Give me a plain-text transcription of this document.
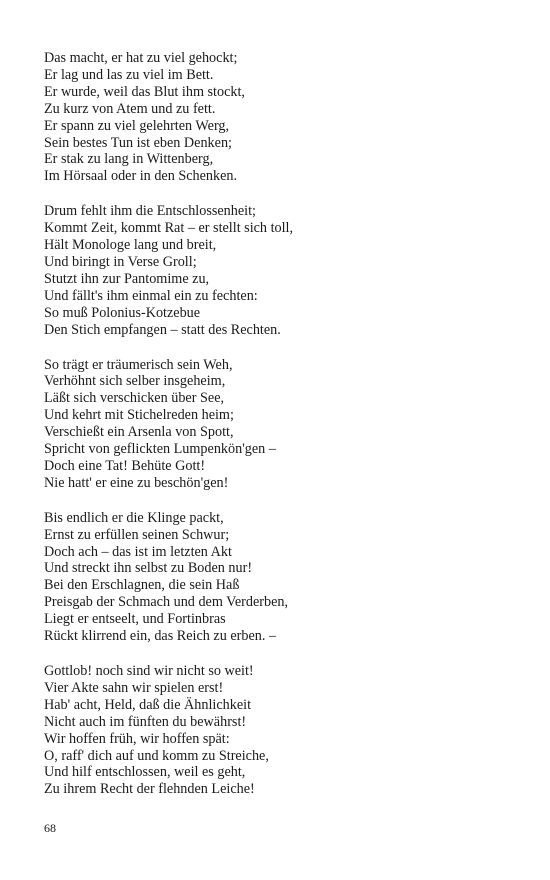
Das macht, er hat zu viel gehockt;
Er lag und las zu viel im Bett.
Er wurde, weil das Blut ihm stockt,
Zu kurz von Atem und zu fett.
Er spann zu viel gelehrten Werg,
Sein bestes Tun ist eben Denken;
Er stak zu lang in Wittenberg,
Im Hörsaal oder in den Schenken.
Drum fehlt ihm die Entschlossenheit;
Kommt Zeit, kommt Rat – er stellt sich toll,
Hält Monologe lang und breit,
Und biringt in Verse Groll;
Stutzt ihn zur Pantomime zu,
Und fällt's ihm einmal ein zu fechten:
So muß Polonius-Kotzebue
Den Stich empfangen – statt des Rechten.
So trägt er träumerisch sein Weh,
Verhöhnt sich selber insgeheim,
Läßt sich verschicken über See,
Und kehrt mit Stichelreden heim;
Verschießt ein Arsenla von Spott,
Spricht von geflickten Lumpenkön'gen –
Doch eine Tat! Behüte Gott!
Nie hatt' er eine zu beschön'gen!
Bis endlich er die Klinge packt,
Ernst zu erfüllen seinen Schwur;
Doch ach – das ist im letzten Akt
Und streckt ihn selbst zu Boden nur!
Bei den Erschlagnen, die sein Haß
Preisgab der Schmach und dem Verderben,
Liegt er entseelt, und Fortinbras
Rückt klirrend ein, das Reich zu erben. –
Gottlob! noch sind wir nicht so weit!
Vier Akte sahn wir spielen erst!
Hab' acht, Held, daß die Ähnlichkeit
Nicht auch im fünften du bewährst!
Wir hoffen früh, wir hoffen spät:
O, raff' dich auf und komm zu Streiche,
Und hilf entschlossen, weil es geht,
Zu ihrem Recht der flehnden Leiche!
68
